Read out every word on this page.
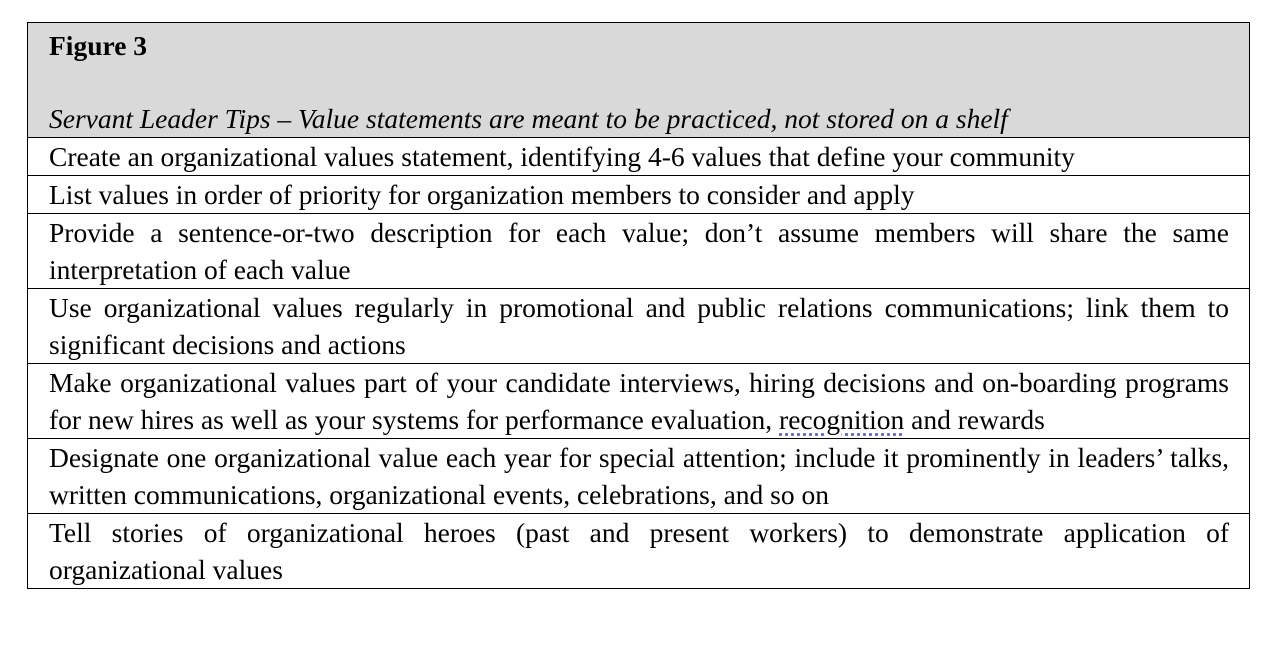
Figure 3
Servant Leader Tips – Value statements are meant to be practiced, not stored on a shelf

Create an organizational values statement, identifying 4-6 values that define your community
List values in order of priority for organization members to consider and apply
Provide a sentence-or-two description for each value; don’t assume members will share the same interpretation of each value
Use organizational values regularly in promotional and public relations communications; link them to significant decisions and actions
Make organizational values part of your candidate interviews, hiring decisions and on-boarding programs for new hires as well as your systems for performance evaluation, recognition and rewards
Designate one organizational value each year for special attention; include it prominently in leaders’ talks, written communications, organizational events, celebrations, and so on
Tell stories of organizational heroes (past and present workers) to demonstrate application of organizational values
